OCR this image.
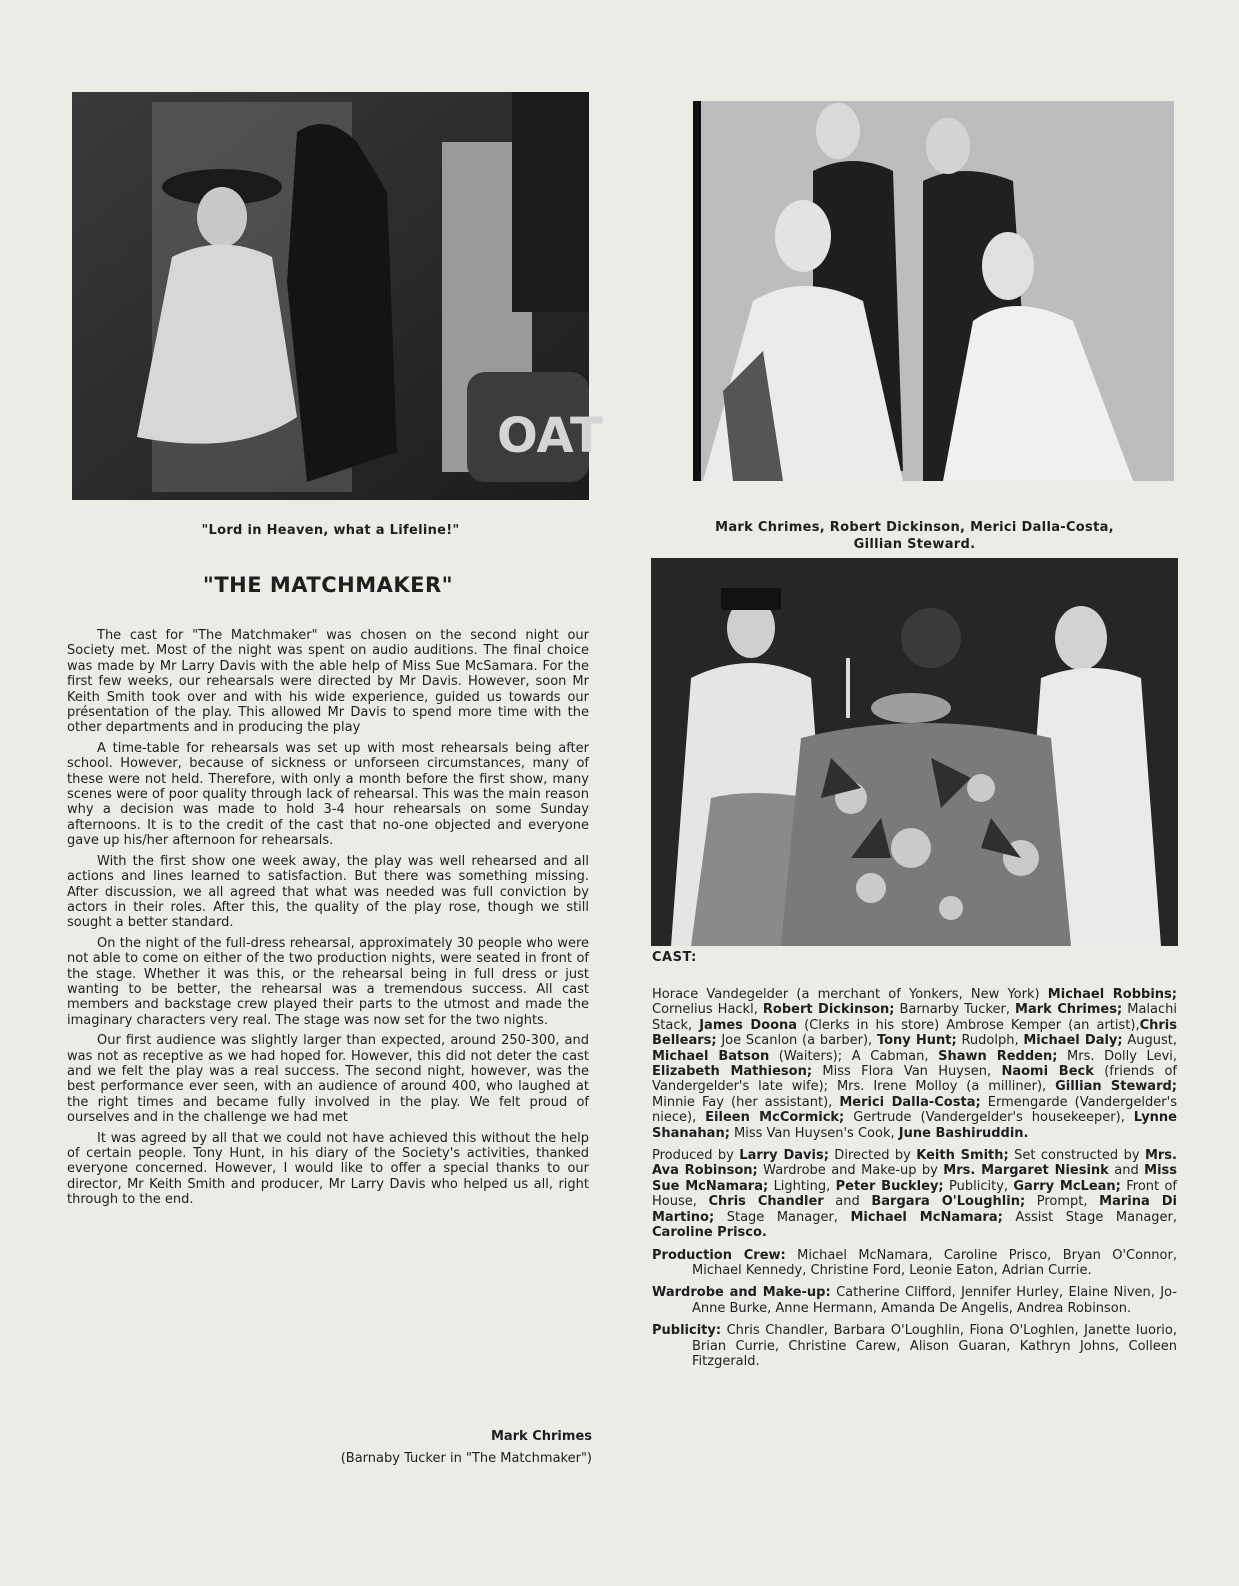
OAT
"Lord in Heaven, what a Lifeline!"	Mark Chrimes, Robert Dickinson, Merici Dalla-Costa,
Gillian Steward.
"THE MATCHMAKER"

The cast for "The Matchmaker" was chosen on the second night our Society met. Most of the night was spent on audio auditions. The final choice was made by Mr Larry Davis with the able help of Miss Sue McSamara. For the first few weeks, our rehearsals were directed by Mr Davis. However, soon Mr Keith Smith took over and with his wide experience, guided us towards our présentation of the play. This allowed Mr Davis to spend more time with the other departments and in producing the play

A time-table for rehearsals was set up with most rehearsals being after school. However, because of sickness or unforseen circumstances, many of these were not held. Therefore, with only a month before the first show, many scenes were of poor quality through lack of rehearsal. This was the main reason why a decision was made to hold 3-4 hour rehearsals on some Sunday afternoons. It is to the credit of the cast that no-one objected and everyone gave up his/her afternoon for rehearsals.

With the first show one week away, the play was well rehearsed and all actions and lines learned to satisfaction. But there was something missing. After discussion, we all agreed that what was needed was full conviction by actors in their roles. After this, the quality of the play rose, though we still sought a better standard.

On the night of the full-dress rehearsal, approximately 30 people who were not able to come on either of the two production nights, were seated in front of the stage. Whether it was this, or the rehearsal being in full dress or just wanting to be better, the rehearsal was a tremendous success. All cast members and backstage crew played their parts to the utmost and made the imaginary characters very real. The stage was now set for the two nights.

Our first audience was slightly larger than expected, around 250-300, and was not as receptive as we had hoped for. However, this did not deter the cast and we felt the play was a real success. The second night, however, was the best performance ever seen, with an audience of around 400, who laughed at the right times and became fully involved in the play. We felt proud of ourselves and in the challenge we had met

It was agreed by all that we could not have achieved this without the help of certain people. Tony Hunt, in his diary of the Society's activities, thanked everyone concerned. However, I would like to offer a special thanks to our director, Mr Keith Smith and producer, Mr Larry Davis who helped us all, right through to the end.

Mark Chrimes
(Barnaby Tucker in "The Matchmaker")
CAST:

Horace Vandegelder (a merchant of Yonkers, New York) Michael Robbins; Cornelius Hackl, Robert Dickinson; Barnarby Tucker, Mark Chrimes; Malachi Stack, James Doona (Clerks in his store) Ambrose Kemper (an artist),Chris Bellears; Joe Scanlon (a barber), Tony Hunt; Rudolph, Michael Daly; August, Michael Batson (Waiters); A Cabman, Shawn Redden; Mrs. Dolly Levi, Elizabeth Mathieson; Miss Flora Van Huysen, Naomi Beck (friends of Vandergelder's late wife); Mrs. Irene Molloy (a milliner), Gillian Steward; Minnie Fay (her assistant), Merici Dalla-Costa; Ermengarde (Vandergelder's niece), Eileen McCormick; Gertrude (Vandergelder's housekeeper), Lynne Shanahan; Miss Van Huysen's Cook, June Bashiruddin.

Produced by Larry Davis; Directed by Keith Smith; Set constructed by Mrs. Ava Robinson; Wardrobe and Make-up by Mrs. Margaret Niesink and Miss Sue McNamara; Lighting, Peter Buckley; Publicity, Garry McLean; Front of House, Chris Chandler and Bargara O'Loughlin; Prompt, Marina Di Martino; Stage Manager, Michael McNamara; Assist Stage Manager, Caroline Prisco.

Production Crew: Michael McNamara, Caroline Prisco, Bryan O'Connor, Michael Kennedy, Christine Ford, Leonie Eaton, Adrian Currie.

Wardrobe and Make-up: Catherine Clifford, Jennifer Hurley, Elaine Niven, Jo-Anne Burke, Anne Hermann, Amanda De Angelis, Andrea Robinson.

Publicity: Chris Chandler, Barbara O'Loughlin, Fiona O'Loghlen, Janette Iuorio, Brian Currie, Christine Carew, Alison Guaran, Kathryn Johns, Colleen Fitzgerald.
